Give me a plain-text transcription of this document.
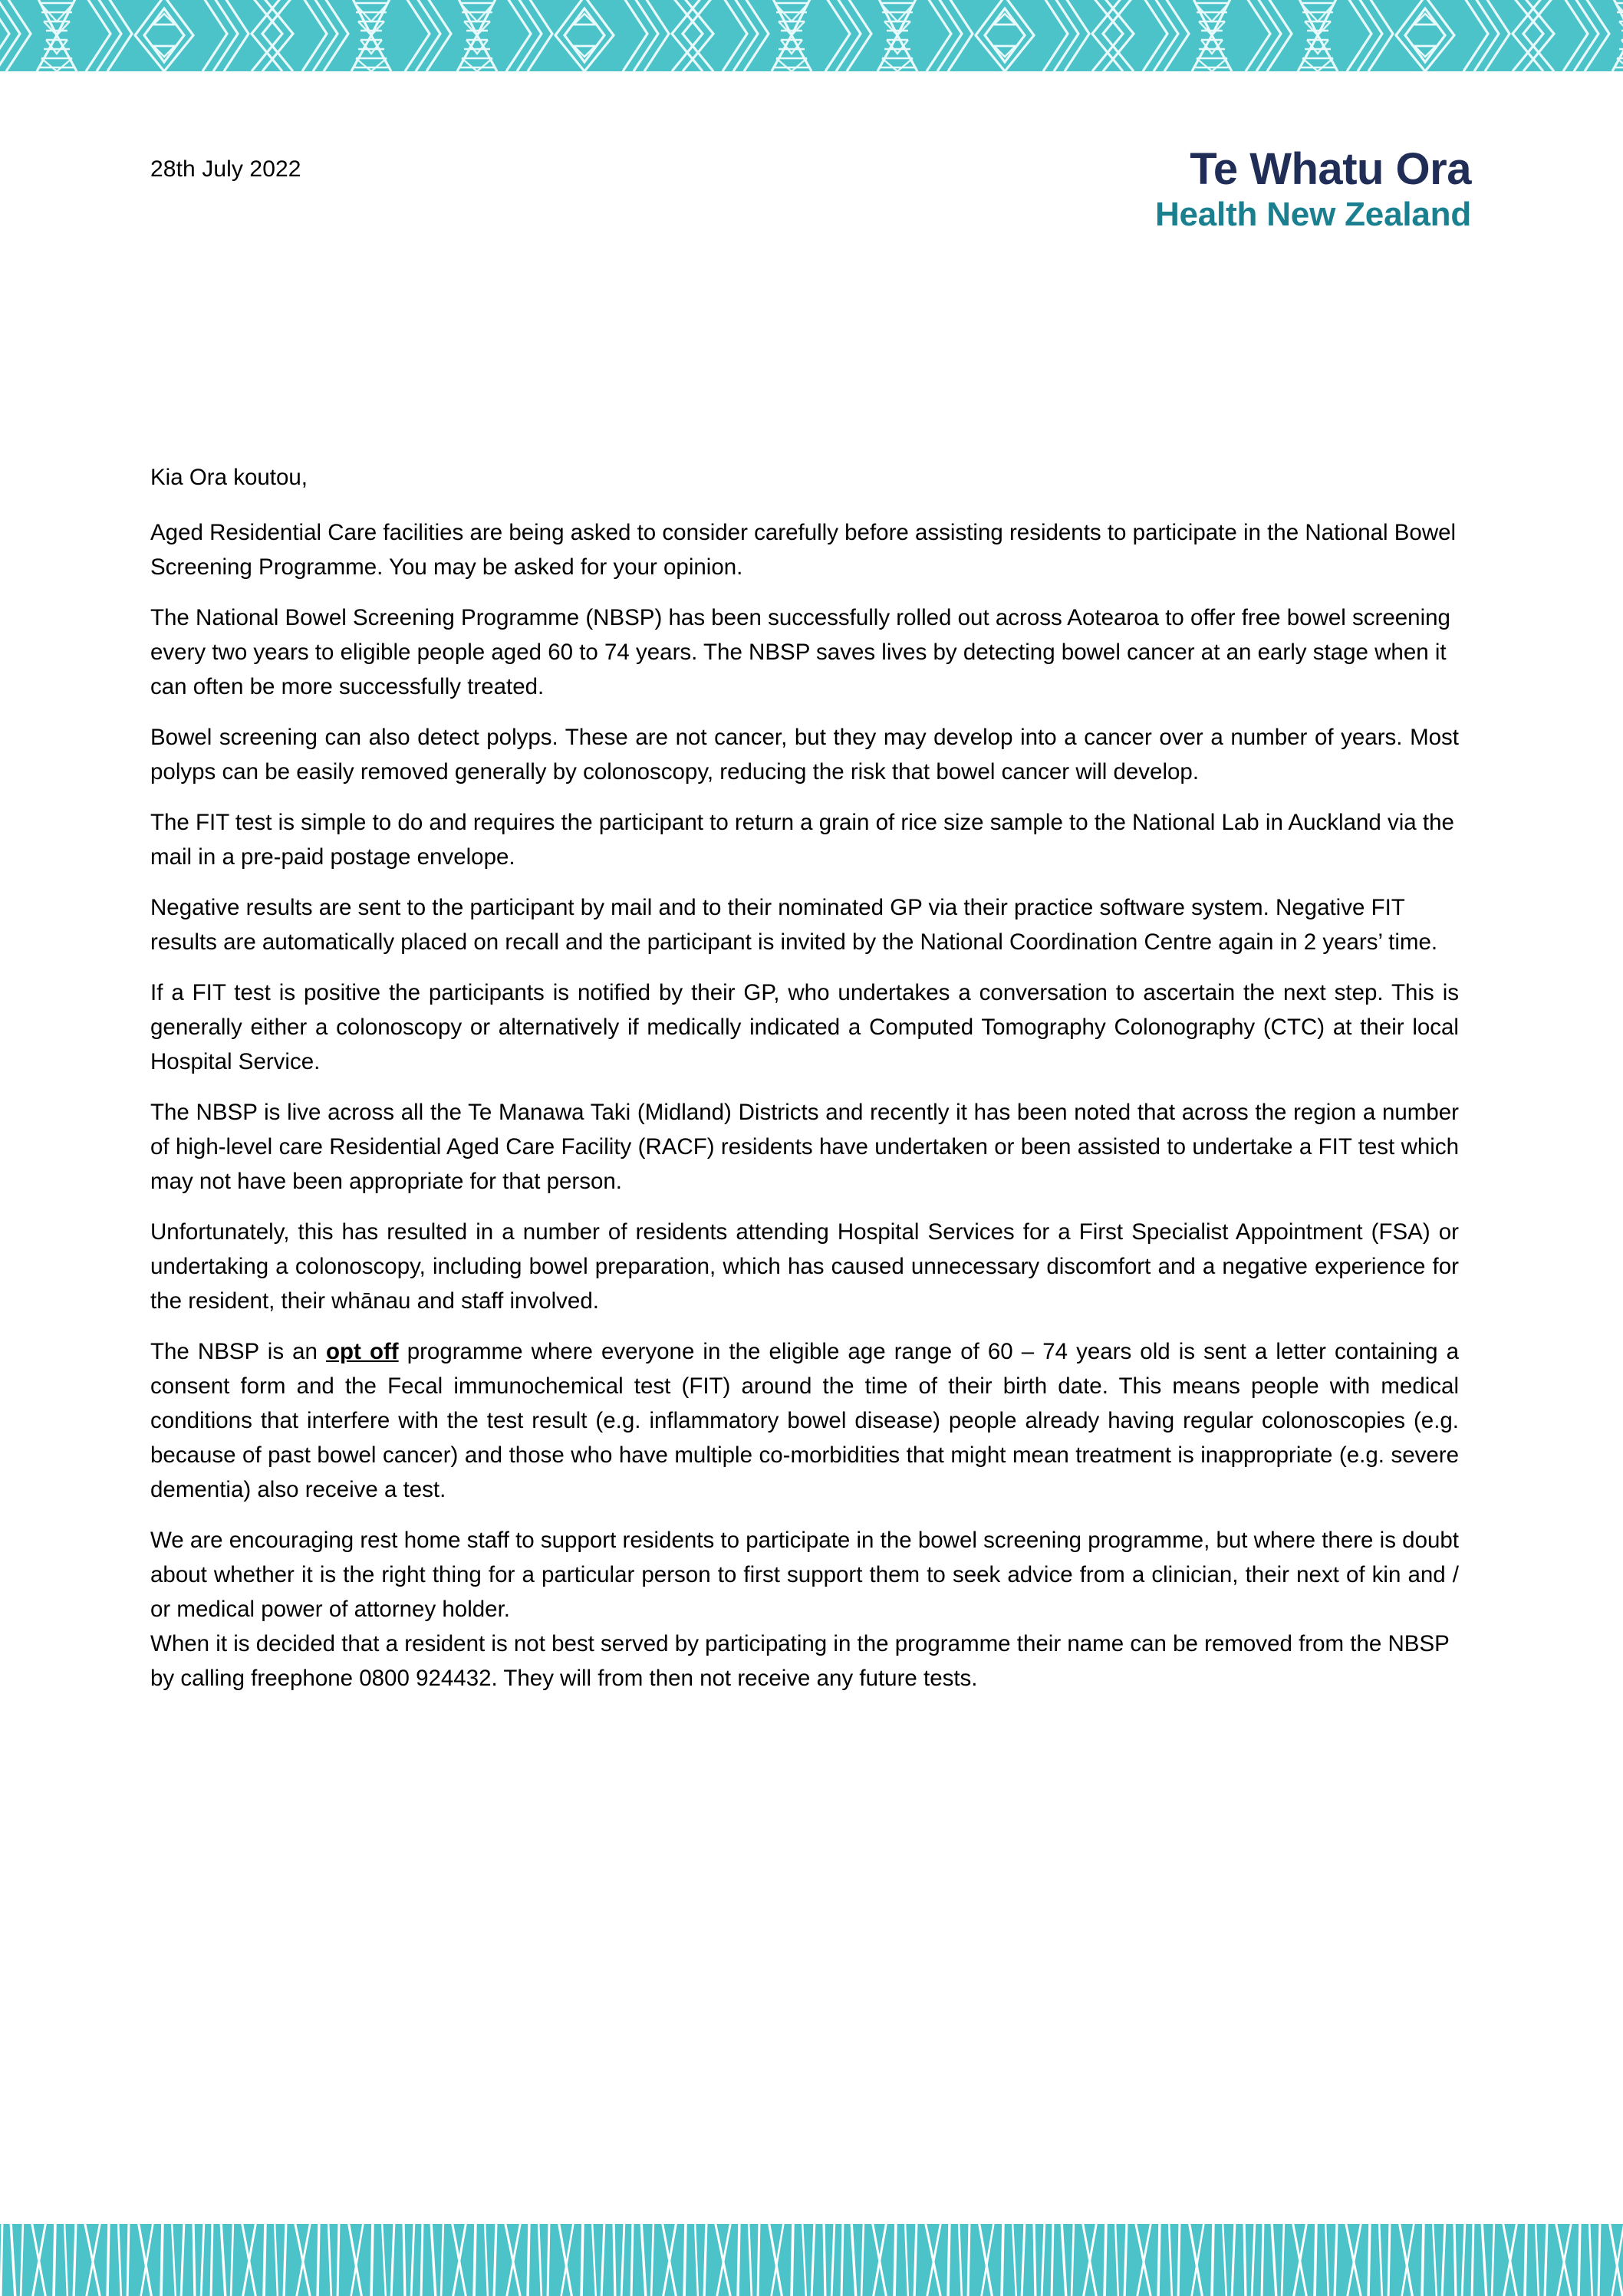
28th July 2022	Te Whatu Ora
Health New Zealand

Kia Ora koutou,

Aged Residential Care facilities are being asked to consider carefully before assisting residents to participate in the National Bowel Screening Programme. You may be asked for your opinion.

The National Bowel Screening Programme (NBSP) has been successfully rolled out across Aotearoa to offer free bowel screening every two years to eligible people aged 60 to 74 years. The NBSP saves lives by detecting bowel cancer at an early stage when it can often be more successfully treated.

Bowel screening can also detect polyps. These are not cancer, but they may develop into a cancer over a number of years. Most polyps can be easily removed generally by colonoscopy, reducing the risk that bowel cancer will develop.

The FIT test is simple to do and requires the participant to return a grain of rice size sample to the National Lab in Auckland via the mail in a pre-paid postage envelope.

Negative results are sent to the participant by mail and to their nominated GP via their practice software system. Negative FIT results are automatically placed on recall and the participant is invited by the National Coordination Centre again in 2 years’ time.

If a FIT test is positive the participants is notified by their GP, who undertakes a conversation to ascertain the next step. This is generally either a colonoscopy or alternatively if medically indicated a Computed Tomography Colonography (CTC) at their local Hospital Service.

The NBSP is live across all the Te Manawa Taki (Midland) Districts and recently it has been noted that across the region a number of high-level care Residential Aged Care Facility (RACF) residents have undertaken or been assisted to undertake a FIT test which may not have been appropriate for that person.

Unfortunately, this has resulted in a number of residents attending Hospital Services for a First Specialist Appointment (FSA) or undertaking a colonoscopy, including bowel preparation, which has caused unnecessary discomfort and a negative experience for the resident, their whānau and staff involved.

The NBSP is an opt off programme where everyone in the eligible age range of 60 – 74 years old is sent a letter containing a consent form and the Fecal immunochemical test (FIT) around the time of their birth date. This means people with medical conditions that interfere with the test result (e.g. inflammatory bowel disease) people already having regular colonoscopies (e.g. because of past bowel cancer) and those who have multiple co-morbidities that might mean treatment is inappropriate (e.g. severe dementia) also receive a test.

We are encouraging rest home staff to support residents to participate in the bowel screening programme, but where there is doubt about whether it is the right thing for a particular person to first support them to seek advice from a clinician, their next of kin and / or medical power of attorney holder.

When it is decided that a resident is not best served by participating in the programme their name can be removed from the NBSP by calling freephone 0800 924432. They will from then not receive any future tests.
